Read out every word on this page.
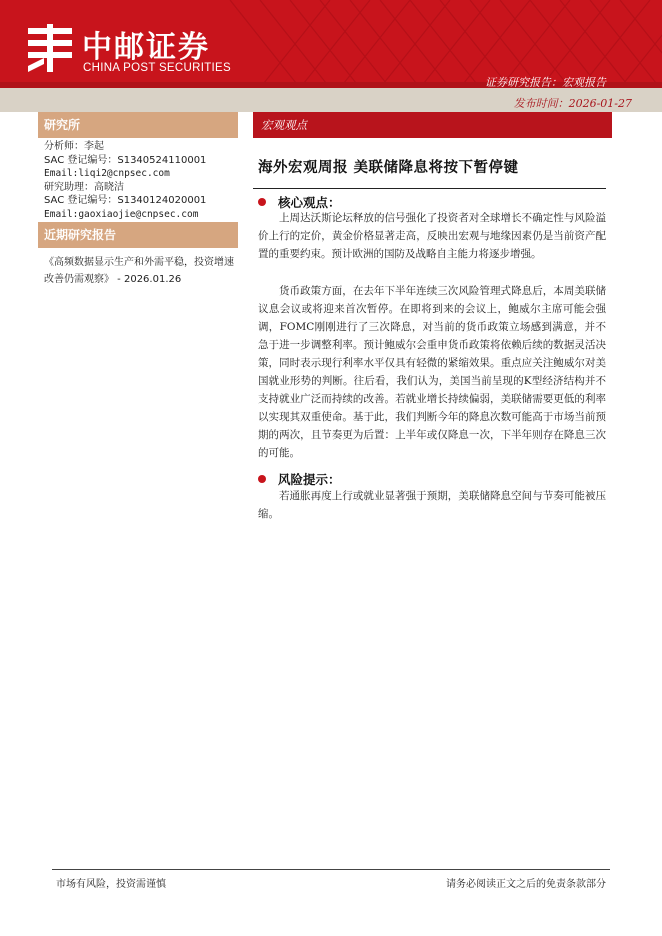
中邮证券
CHINA POST SECURITIES
证券研究报告：宏观报告
发布时间：2026-01-27
研究所
分析师：李起
SAC 登记编号：S1340524110001
Email:liqi2@cnpsec.com
研究助理：高晓洁
SAC 登记编号：S1340124020001
Email:gaoxiaojie@cnpsec.com
近期研究报告
《高频数据显示生产和外需平稳，投资增速改善仍需观察》 - 2026.01.26
宏观观点
海外宏观周报 美联储降息将按下暂停键
核心观点：
上周达沃斯论坛释放的信号强化了投资者对全球增长不确定性与风险溢价上行的定价，黄金价格显著走高，反映出宏观与地缘因素仍是当前资产配置的重要约束。预计欧洲的国防及战略自主能力将逐步增强。
货币政策方面，在去年下半年连续三次风险管理式降息后，本周美联储议息会议或将迎来首次暂停。在即将到来的会议上，鲍威尔主席可能会强调，FOMC刚刚进行了三次降息，对当前的货币政策立场感到满意，并不急于进一步调整利率。预计鲍威尔会重申货币政策将依赖后续的数据灵活决策，同时表示现行利率水平仅具有轻微的紧缩效果。重点应关注鲍威尔对美国就业形势的判断。往后看，我们认为，美国当前呈现的K型经济结构并不支持就业广泛而持续的改善。若就业增长持续偏弱，美联储需要更低的利率以实现其双重使命。基于此，我们判断今年的降息次数可能高于市场当前预期的两次，且节奏更为后置：上半年或仅降息一次，下半年则存在降息三次的可能。
风险提示：
若通胀再度上行或就业显著强于预期，美联储降息空间与节奏可能被压缩。
市场有风险，投资需谨慎	请务必阅读正文之后的免责条款部分
